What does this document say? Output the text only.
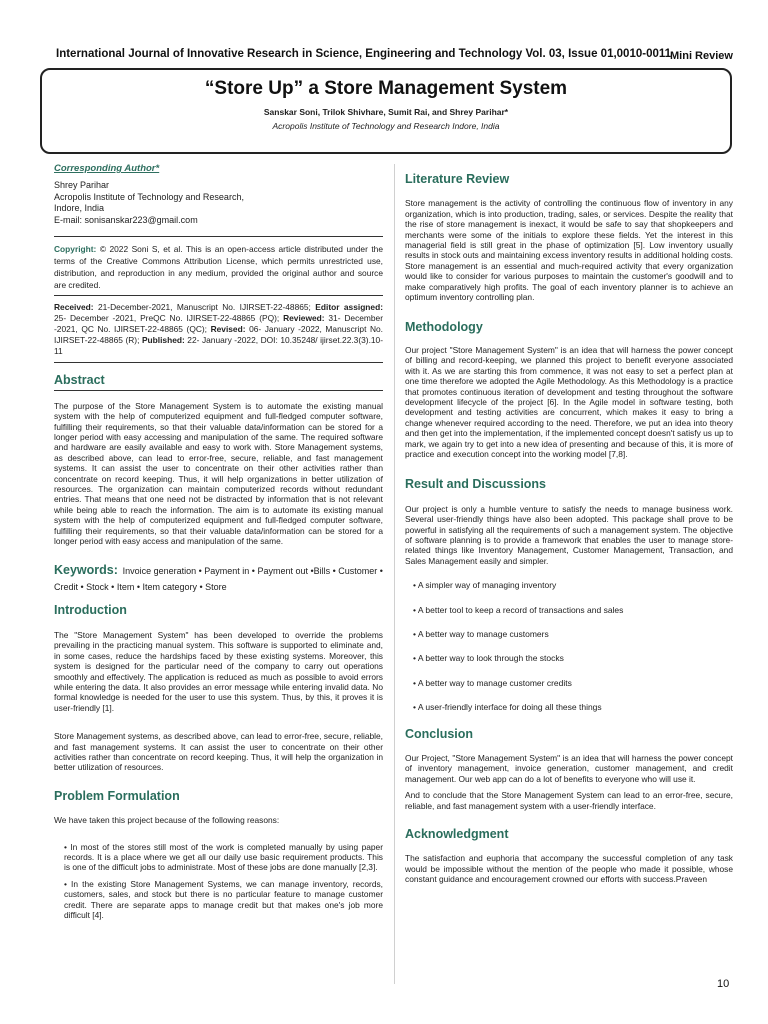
International Journal of Innovative Research in Science, Engineering and Technology Vol. 03, Issue 01,0010-0011
Mini Review
“Store Up” a Store Management System
Sanskar Soni, Trilok Shivhare, Sumit Rai, and Shrey Parihar*
Acropolis Institute of Technology and Research Indore, India
Corresponding Author*
Shrey Parihar
Acropolis Institute of Technology and Research,
Indore, India
E-mail: sonisanskar223@gmail.com
Copyright: © 2022 Soni S, et al. This is an open-access article distributed under the terms of the Creative Commons Attribution License, which permits unrestricted use, distribution, and reproduction in any medium, provided the original author and source are credited.
Received: 21-December-2021, Manuscript No. IJIRSET-22-48865; Editor assigned: 25- December -2021, PreQC No. IJIRSET-22-48865 (PQ); Reviewed: 31- December -2021, QC No. IJIRSET-22-48865 (QC); Revised: 06- January -2022, Manuscript No. IJIRSET-22-48865 (R); Published: 22- January -2022, DOI: 10.35248/ ijirset.22.3(3).10-11
Abstract

The purpose of the Store Management System is to automate the existing manual system with the help of computerized equipment and full-fledged computer software, fulfilling their requirements, so that their valuable data/information can be stored for a longer period with easy accessing and manipulation of the same. The required software and hardware are easily available and easy to work with. Store Management systems, as described above, can lead to error-free, secure, reliable, and fast management systems. It can assist the user to concentrate on their other activities rather than concentrate on record keeping. Thus, it will help organizations in better utilization of resources. The organization can maintain computerized records without redundant entries. That means that one need not be distracted by information that is not relevant while being able to reach the information. The aim is to automate its existing manual system with the help of computerized equipment and full-fledged computer software, fulfilling their requirements, so that their valuable data/information can be stored for a longer period with easy access and manipulation of the same.

Keywords: Invoice generation • Payment in • Payment out •Bills • Customer • Credit • Stock • Item • Item category • Store
Introduction

The "Store Management System" has been developed to override the problems prevailing in the practicing manual system. This software is supported to eliminate and, in some cases, reduce the hardships faced by these existing systems. Moreover, this system is designed for the particular need of the company to carry out operations smoothly and effectively. The application is reduced as much as possible to avoid errors while entering the data. It also provides an error message while entering invalid data. No formal knowledge is needed for the user to use this system. Thus, by this, it proves it is user-friendly [1].

Store Management systems, as described above, can lead to error-free, secure, reliable, and fast management systems. It can assist the user to concentrate on their other activities rather than concentrate on record keeping. Thus, it will help the organization in better utilization of resources.

Problem Formulation

We have taken this project because of the following reasons:

• In most of the stores still most of the work is completed manually by using paper records. It is a place where we get all our daily use basic requirement products. This is one of the difficult jobs to administrate. Most of these jobs are done manually [2,3].

• In the existing Store Management Systems, we can manage inventory, records, customers, sales, and stock but there is no particular feature to manage customer credit. There are separate apps to manage credit but that makes one's job more difficult [4].

Literature Review

Store management is the activity of controlling the continuous flow of inventory in any organization, which is into production, trading, sales, or services. Despite the reality that the rise of store management is inexact, it would be safe to say that shopkeepers and merchants were some of the initials to explore these fields. Yet the interest in this managerial field is still great in the phase of optimization [5]. Low inventory usually results in stock outs and maintaining excess inventory results in additional holding costs. Store management is an essential and much-required activity that every organization would like to consider for various purposes to maintain the customer's goodwill and to make comparatively high profits. The goal of each inventory planner is to achieve an optimum inventory controlling plan.

Methodology

Our project "Store Management System" is an idea that will harness the power concept of billing and record-keeping, we planned this project to benefit everyone associated with it. As we are starting this from commence, it was not easy to set a perfect plan at one time therefore we adopted the Agile Methodology. As this Methodology is a practice that promotes continuous iteration of development and testing throughout the software development lifecycle of the project [6]. In the Agile model in software testing, both development and testing activities are concurrent, which makes it easy to bring a change whenever required according to the need. Therefore, we put an idea into theory and then get into the implementation, if the implemented concept doesn't satisfy us up to mark, we again try to get into a new idea of presenting and because of this, it is more of practice and execution concept into the working model [7,8].

Result and Discussions

Our project is only a humble venture to satisfy the needs to manage business work. Several user-friendly things have also been adopted. This package shall prove to be powerful in satisfying all the requirements of such a management system. The objective of software planning is to provide a framework that enables the user to manage store-related things like Inventory Management, Customer Management, Transaction, and Sales Management easily and simpler.

• A simpler way of managing inventory
• A better tool to keep a record of transactions and sales
• A better way to manage customers
• A better way to look through the stocks
• A better way to manage customer credits
• A user-friendly interface for doing all these things
Conclusion

Our Project, "Store Management System" is an idea that will harness the power concept of inventory management, invoice generation, customer management, and credit management. Our web app can do a lot of benefits to everyone who will use it.

And to conclude that the Store Management System can lead to an error-free, secure, reliable, and fast management system with a user-friendly interface.

Acknowledgment

The satisfaction and euphoria that accompany the successful completion of any task would be impossible without the mention of the people who made it possible, whose constant guidance and encouragement crowned our efforts with success.Praveen

10
